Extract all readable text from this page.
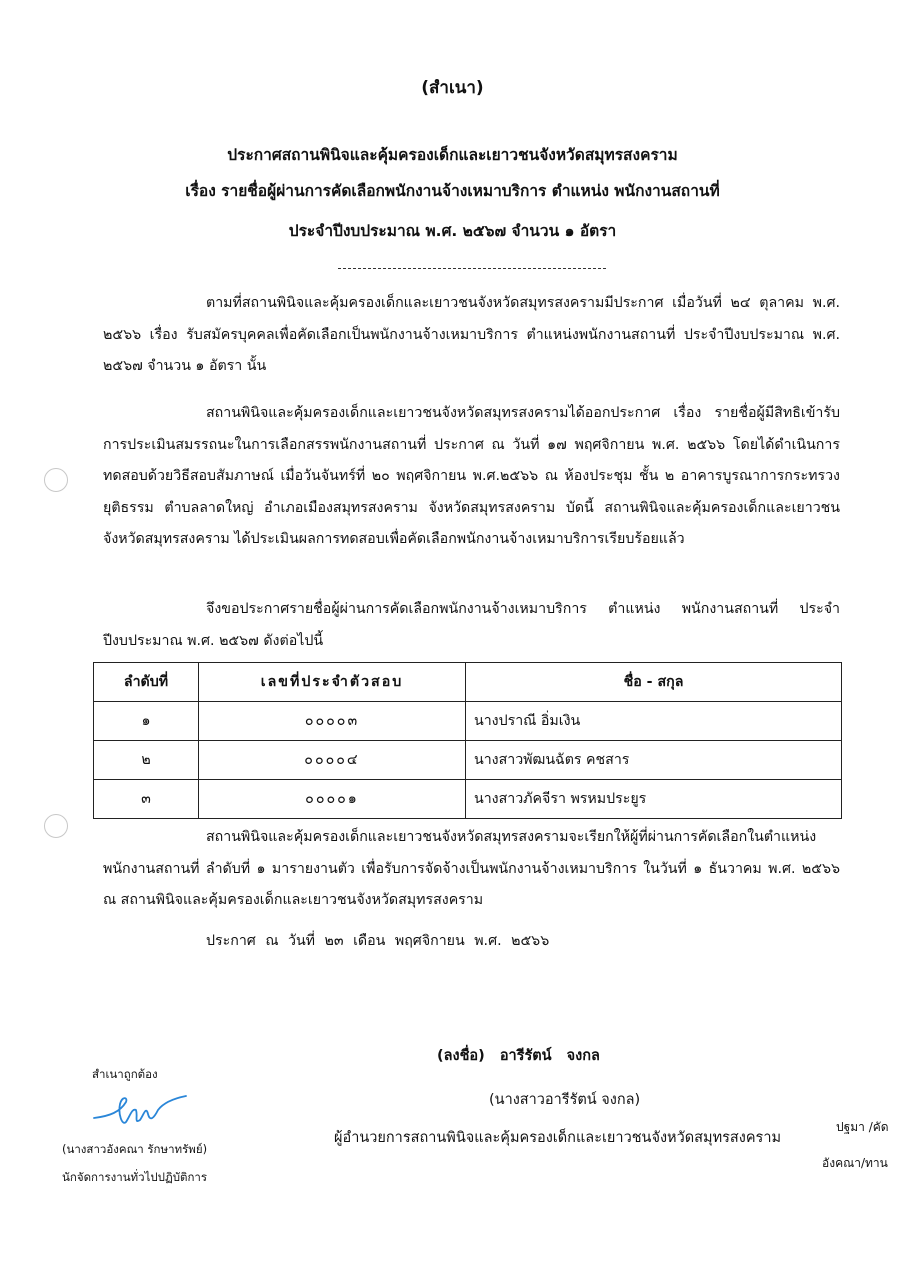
(สำเนา)
ประกาศสถานพินิจและคุ้มครองเด็กและเยาวชนจังหวัดสมุทรสงคราม
เรื่อง รายชื่อผู้ผ่านการคัดเลือกพนักงานจ้างเหมาบริการ ตำแหน่ง พนักงานสถานที่
ประจำปีงบประมาณ พ.ศ. ๒๕๖๗ จำนวน ๑ อัตรา
ตามที่สถานพินิจและคุ้มครองเด็กและเยาวชนจังหวัดสมุทรสงครามมีประกาศ เมื่อวันที่ ๒๔ ตุลาคม พ.ศ. ๒๕๖๖ เรื่อง รับสมัครบุคคลเพื่อคัดเลือกเป็นพนักงานจ้างเหมาบริการ ตำแหน่งพนักงานสถานที่ ประจำปีงบประมาณ พ.ศ. ๒๕๖๗ จำนวน ๑ อัตรา นั้น
สถานพินิจและคุ้มครองเด็กและเยาวชนจังหวัดสมุทรสงครามได้ออกประกาศ เรื่อง รายชื่อผู้มีสิทธิเข้ารับการประเมินสมรรถนะในการเลือกสรรพนักงานสถานที่ ประกาศ ณ วันที่ ๑๗ พฤศจิกายน พ.ศ. ๒๕๖๖ โดยได้ดำเนินการทดสอบด้วยวิธีสอบสัมภาษณ์ เมื่อวันจันทร์ที่ ๒๐ พฤศจิกายน พ.ศ.๒๕๖๖ ณ ห้องประชุม ชั้น ๒ อาคารบูรณาการกระทรวงยุติธรรม ตำบลลาดใหญ่ อำเภอเมืองสมุทรสงคราม จังหวัดสมุทรสงคราม บัดนี้ สถานพินิจและคุ้มครองเด็กและเยาวชนจังหวัดสมุทรสงคราม ได้ประเมินผลการทดสอบเพื่อคัดเลือกพนักงานจ้างเหมาบริการเรียบร้อยแล้ว
จึงขอประกาศรายชื่อผู้ผ่านการคัดเลือกพนักงานจ้างเหมาบริการ ตำแหน่ง พนักงานสถานที่ ประจำปีงบประมาณ พ.ศ. ๒๕๖๗ ดังต่อไปนี้
ลำดับที่	เลขที่ประจำตัวสอบ	ชื่อ - สกุล
๑	๐๐๐๐๓	นางปราณี อิ่มเงิน
๒	๐๐๐๐๔	นางสาวพัฒนฉัตร คชสาร
๓	๐๐๐๐๑	นางสาวภัคจีรา พรหมประยูร
สถานพินิจและคุ้มครองเด็กและเยาวชนจังหวัดสมุทรสงครามจะเรียกให้ผู้ที่ผ่านการคัดเลือกในตำแหน่งพนักงานสถานที่ ลำดับที่ ๑ มารายงานตัว เพื่อรับการจัดจ้างเป็นพนักงานจ้างเหมาบริการ ในวันที่ ๑ ธันวาคม พ.ศ. ๒๕๖๖ ณ สถานพินิจและคุ้มครองเด็กและเยาวชนจังหวัดสมุทรสงคราม
ประกาศ ณ วันที่ ๒๓ เดือน พฤศจิกายน พ.ศ. ๒๕๖๖
(ลงชื่อ) อารีรัตน์ จงกล
(นางสาวอารีรัตน์ จงกล)
ผู้อำนวยการสถานพินิจและคุ้มครองเด็กและเยาวชนจังหวัดสมุทรสงคราม
สำเนาถูกต้อง
(นางสาวอังคณา รักษาทรัพย์)
นักจัดการงานทั่วไปปฏิบัติการ
ปฐมา /คัด
อังคณา/ทาน
